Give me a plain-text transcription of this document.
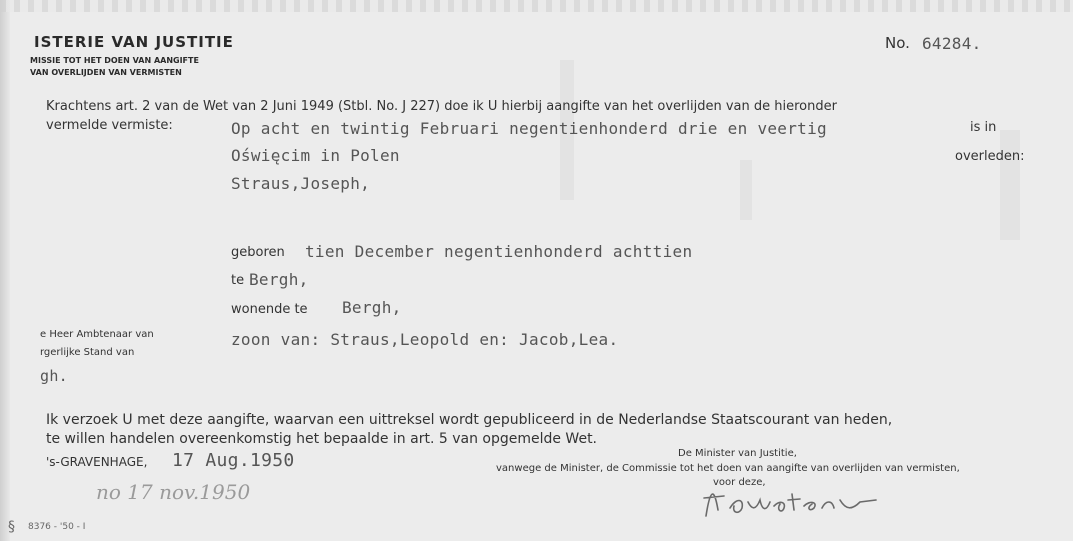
ISTERIE VAN JUSTITIE
MISSIE TOT HET DOEN VAN AANGIFTE
VAN OVERLIJDEN VAN VERMISTEN
No. 64284.
Krachtens art. 2 van de Wet van 2 Juni 1949 (Stbl. No. J 227) doe ik U hierbij aangifte van het overlijden van de hieronder
vermelde vermiste:	Op acht en twintig Februari negentienhonderd drie en veertig	is in
Oświęcim in Polen	overleden:
Straus,Joseph,
geboren tien December negentienhonderd achttien
te Bergh,
wonende te Bergh,
zoon van: Straus,Leopold en: Jacob,Lea.
e Heer Ambtenaar van
rgerlijke Stand van
gh.
Ik verzoek U met deze aangifte, waarvan een uittreksel wordt gepubliceerd in de Nederlandse Staatscourant van heden,
te willen handelen overeenkomstig het bepaalde in art. 5 van opgemelde Wet.
's-GRAVENHAGE, 17 Aug.1950	De Minister van Justitie,
vanwege de Minister, de Commissie tot het doen van aangifte van overlijden van vermisten,
voor deze,
no 17 nov.1950
§ 8376 - '50 - I
